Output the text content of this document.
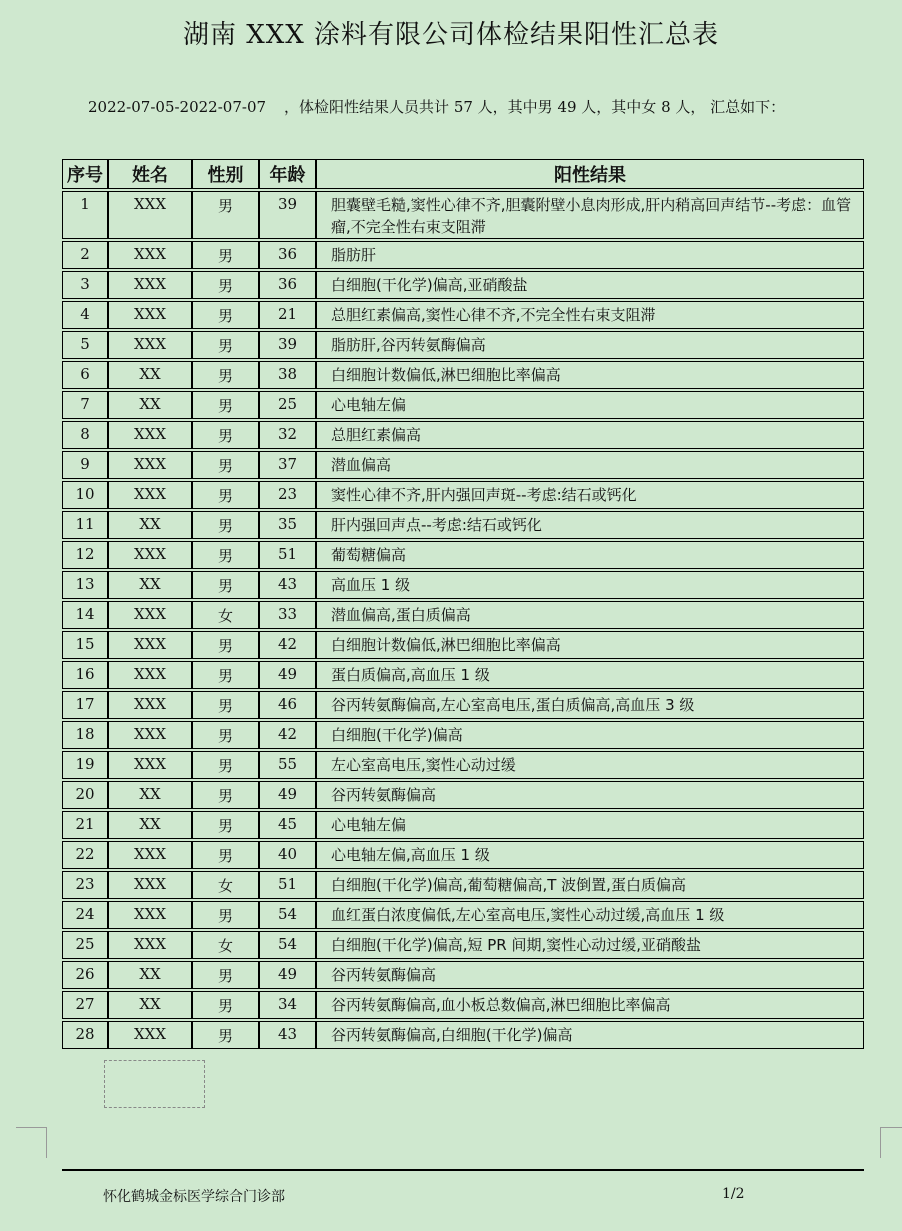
湖南 XXX 涂料有限公司体检结果阳性汇总表
2022-07-05-2022-07-07 ，体检阳性结果人员共计 57 人，其中男 49 人，其中女 8 人， 汇总如下：
序号	姓名	性别	年龄	阳性结果
1	XXX	男	39	胆囊壁毛糙,窦性心律不齐,胆囊附壁小息肉形成,肝内稍高回声结节--考虑：血管瘤,不完全性右束支阻滞
2	XXX	男	36	脂肪肝
3	XXX	男	36	白细胞(干化学)偏高,亚硝酸盐
4	XXX	男	21	总胆红素偏高,窦性心律不齐,不完全性右束支阻滞
5	XXX	男	39	脂肪肝,谷丙转氨酶偏高
6	XX	男	38	白细胞计数偏低,淋巴细胞比率偏高
7	XX	男	25	心电轴左偏
8	XXX	男	32	总胆红素偏高
9	XXX	男	37	潜血偏高
10	XXX	男	23	窦性心律不齐,肝内强回声斑--考虑:结石或钙化
11	XX	男	35	肝内强回声点--考虑:结石或钙化
12	XXX	男	51	葡萄糖偏高
13	XX	男	43	高血压 1 级
14	XXX	女	33	潜血偏高,蛋白质偏高
15	XXX	男	42	白细胞计数偏低,淋巴细胞比率偏高
16	XXX	男	49	蛋白质偏高,高血压 1 级
17	XXX	男	46	谷丙转氨酶偏高,左心室高电压,蛋白质偏高,高血压 3 级
18	XXX	男	42	白细胞(干化学)偏高
19	XXX	男	55	左心室高电压,窦性心动过缓
20	XX	男	49	谷丙转氨酶偏高
21	XX	男	45	心电轴左偏
22	XXX	男	40	心电轴左偏,高血压 1 级
23	XXX	女	51	白细胞(干化学)偏高,葡萄糖偏高,T 波倒置,蛋白质偏高
24	XXX	男	54	血红蛋白浓度偏低,左心室高电压,窦性心动过缓,高血压 1 级
25	XXX	女	54	白细胞(干化学)偏高,短 PR 间期,窦性心动过缓,亚硝酸盐
26	XX	男	49	谷丙转氨酶偏高
27	XX	男	34	谷丙转氨酶偏高,血小板总数偏高,淋巴细胞比率偏高
28	XXX	男	43	谷丙转氨酶偏高,白细胞(干化学)偏高
怀化鹤城金标医学综合门诊部	1/2
